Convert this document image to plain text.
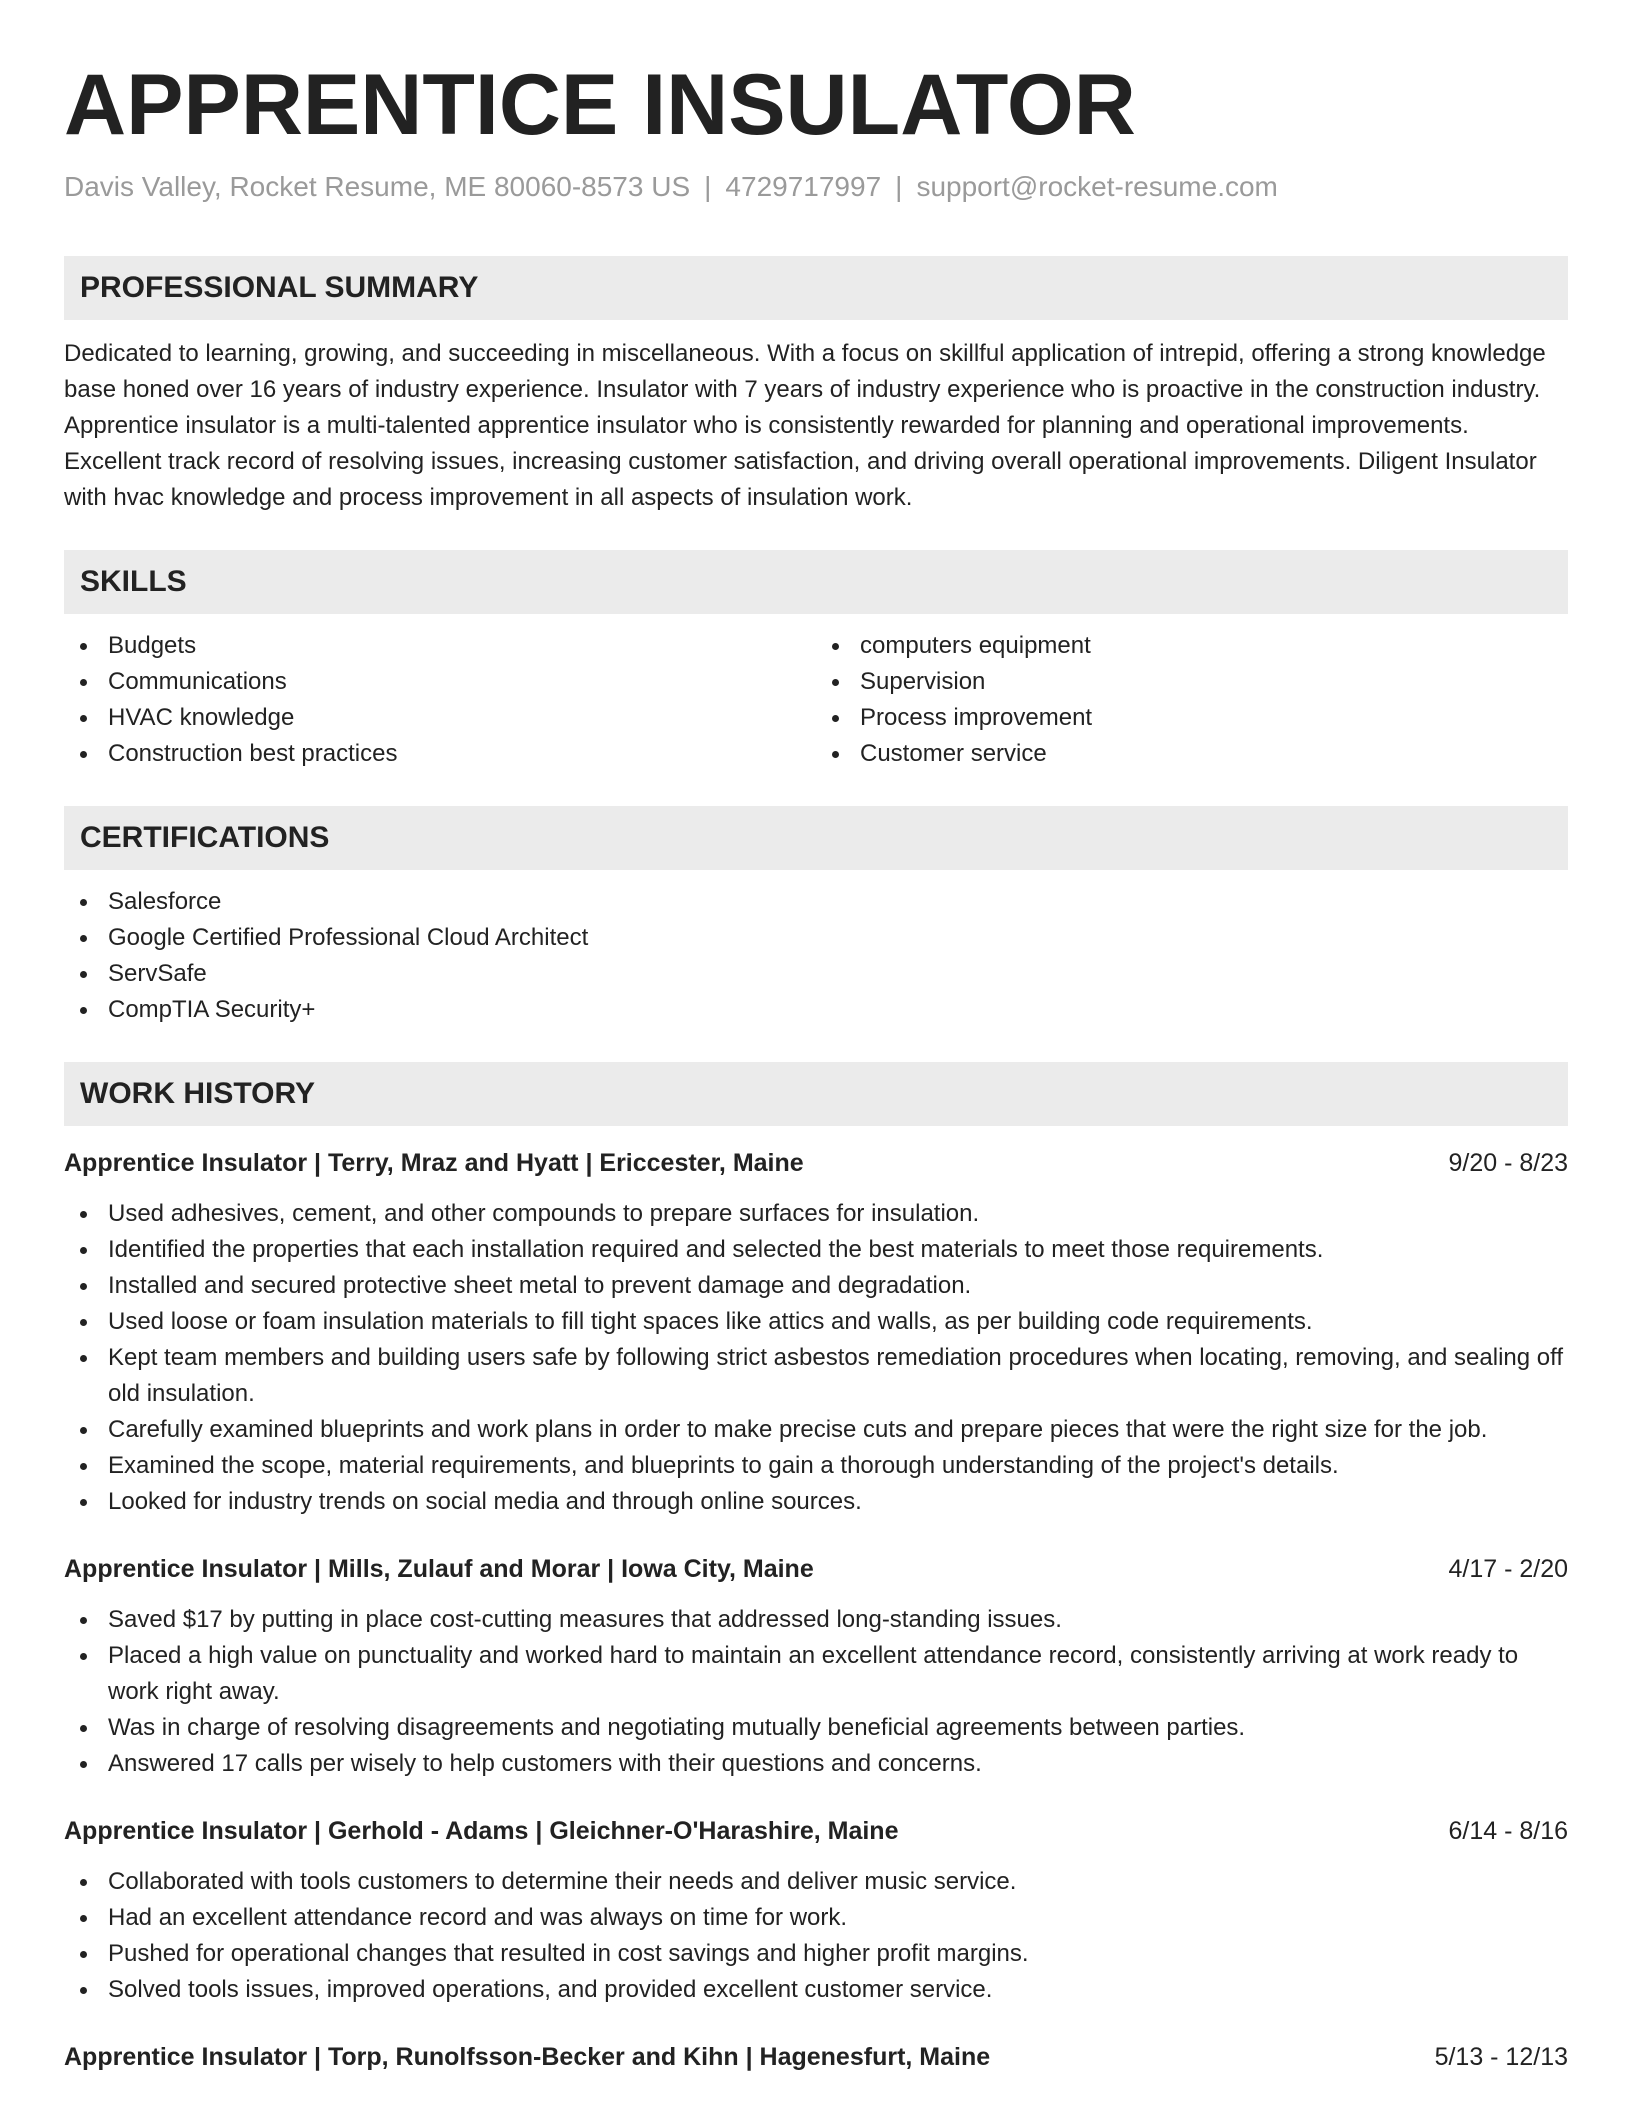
APPRENTICE INSULATOR
Davis Valley, Rocket Resume, ME 80060-8573 US | 4729717997 | support@rocket-resume.com
PROFESSIONAL SUMMARY

Dedicated to learning, growing, and succeeding in miscellaneous. With a focus on skillful application of intrepid, offering a strong knowledge base honed over 16 years of industry experience. Insulator with 7 years of industry experience who is proactive in the construction industry. Apprentice insulator is a multi-talented apprentice insulator who is consistently rewarded for planning and operational improvements. Excellent track record of resolving issues, increasing customer satisfaction, and driving overall operational improvements. Diligent Insulator with hvac knowledge and process improvement in all aspects of insulation work.

SKILLS
Budgets
Communications
HVAC knowledge
Construction best practices
computers equipment
Supervision
Process improvement
Customer service
CERTIFICATIONS
Salesforce
Google Certified Professional Cloud Architect
ServSafe
CompTIA Security+
WORK HISTORY
Apprentice Insulator | Terry, Mraz and Hyatt | Ericcester, Maine	9/20 - 8/23
Used adhesives, cement, and other compounds to prepare surfaces for insulation.
Identified the properties that each installation required and selected the best materials to meet those requirements.
Installed and secured protective sheet metal to prevent damage and degradation.
Used loose or foam insulation materials to fill tight spaces like attics and walls, as per building code requirements.
Kept team members and building users safe by following strict asbestos remediation procedures when locating, removing, and sealing off old insulation.
Carefully examined blueprints and work plans in order to make precise cuts and prepare pieces that were the right size for the job.
Examined the scope, material requirements, and blueprints to gain a thorough understanding of the project's details.
Looked for industry trends on social media and through online sources.
Apprentice Insulator | Mills, Zulauf and Morar | Iowa City, Maine	4/17 - 2/20
Saved $17 by putting in place cost-cutting measures that addressed long-standing issues.
Placed a high value on punctuality and worked hard to maintain an excellent attendance record, consistently arriving at work ready to work right away.
Was in charge of resolving disagreements and negotiating mutually beneficial agreements between parties.
Answered 17 calls per wisely to help customers with their questions and concerns.
Apprentice Insulator | Gerhold - Adams | Gleichner-O'Harashire, Maine	6/14 - 8/16
Collaborated with tools customers to determine their needs and deliver music service.
Had an excellent attendance record and was always on time for work.
Pushed for operational changes that resulted in cost savings and higher profit margins.
Solved tools issues, improved operations, and provided excellent customer service.
Apprentice Insulator | Torp, Runolfsson-Becker and Kihn | Hagenesfurt, Maine	5/13 - 12/13
